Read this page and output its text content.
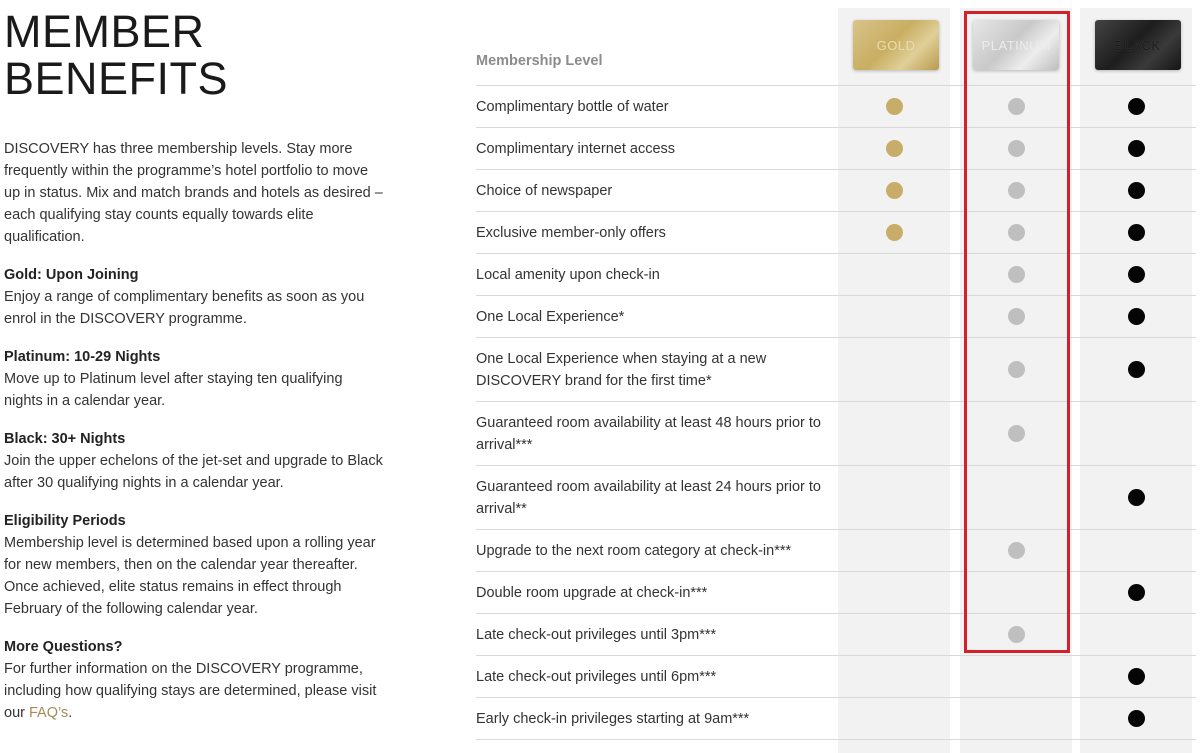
MEMBER
BENEFITS

DISCOVERY has three membership levels. Stay more frequently within the programme’s hotel portfolio to move up in status. Mix and match brands and hotels as desired – each qualifying stay counts equally towards elite qualification.

Gold: Upon Joining
Enjoy a range of complimentary benefits as soon as you enrol in the DISCOVERY programme.
Platinum: 10-29 Nights
Move up to Platinum level after staying ten qualifying nights in a calendar year.
Black: 30+ Nights
Join the upper echelons of the jet-set and upgrade to Black after 30 qualifying nights in a calendar year.
Eligibility Periods
Membership level is determined based upon a rolling year for new members, then on the calendar year thereafter. Once achieved, elite status remains in effect through February of the following calendar year.
More Questions?
For further information on the DISCOVERY programme, including how qualifying stays are determined, please visit our FAQ’s.
GOLD	PLATINUM	BLACK
Membership Level
Complimentary bottle of water
Complimentary internet access
Choice of newspaper
Exclusive member-only offers
Local amenity upon check-in
One Local Experience*
One Local Experience when staying at a new DISCOVERY brand for the first time*
Guaranteed room availability at least 48 hours prior to arrival***
Guaranteed room availability at least 24 hours prior to arrival**
Upgrade to the next room category at check-in***
Double room upgrade at check-in***
Late check-out privileges until 3pm***
Late check-out privileges until 6pm***
Early check-in privileges starting at 9am***
